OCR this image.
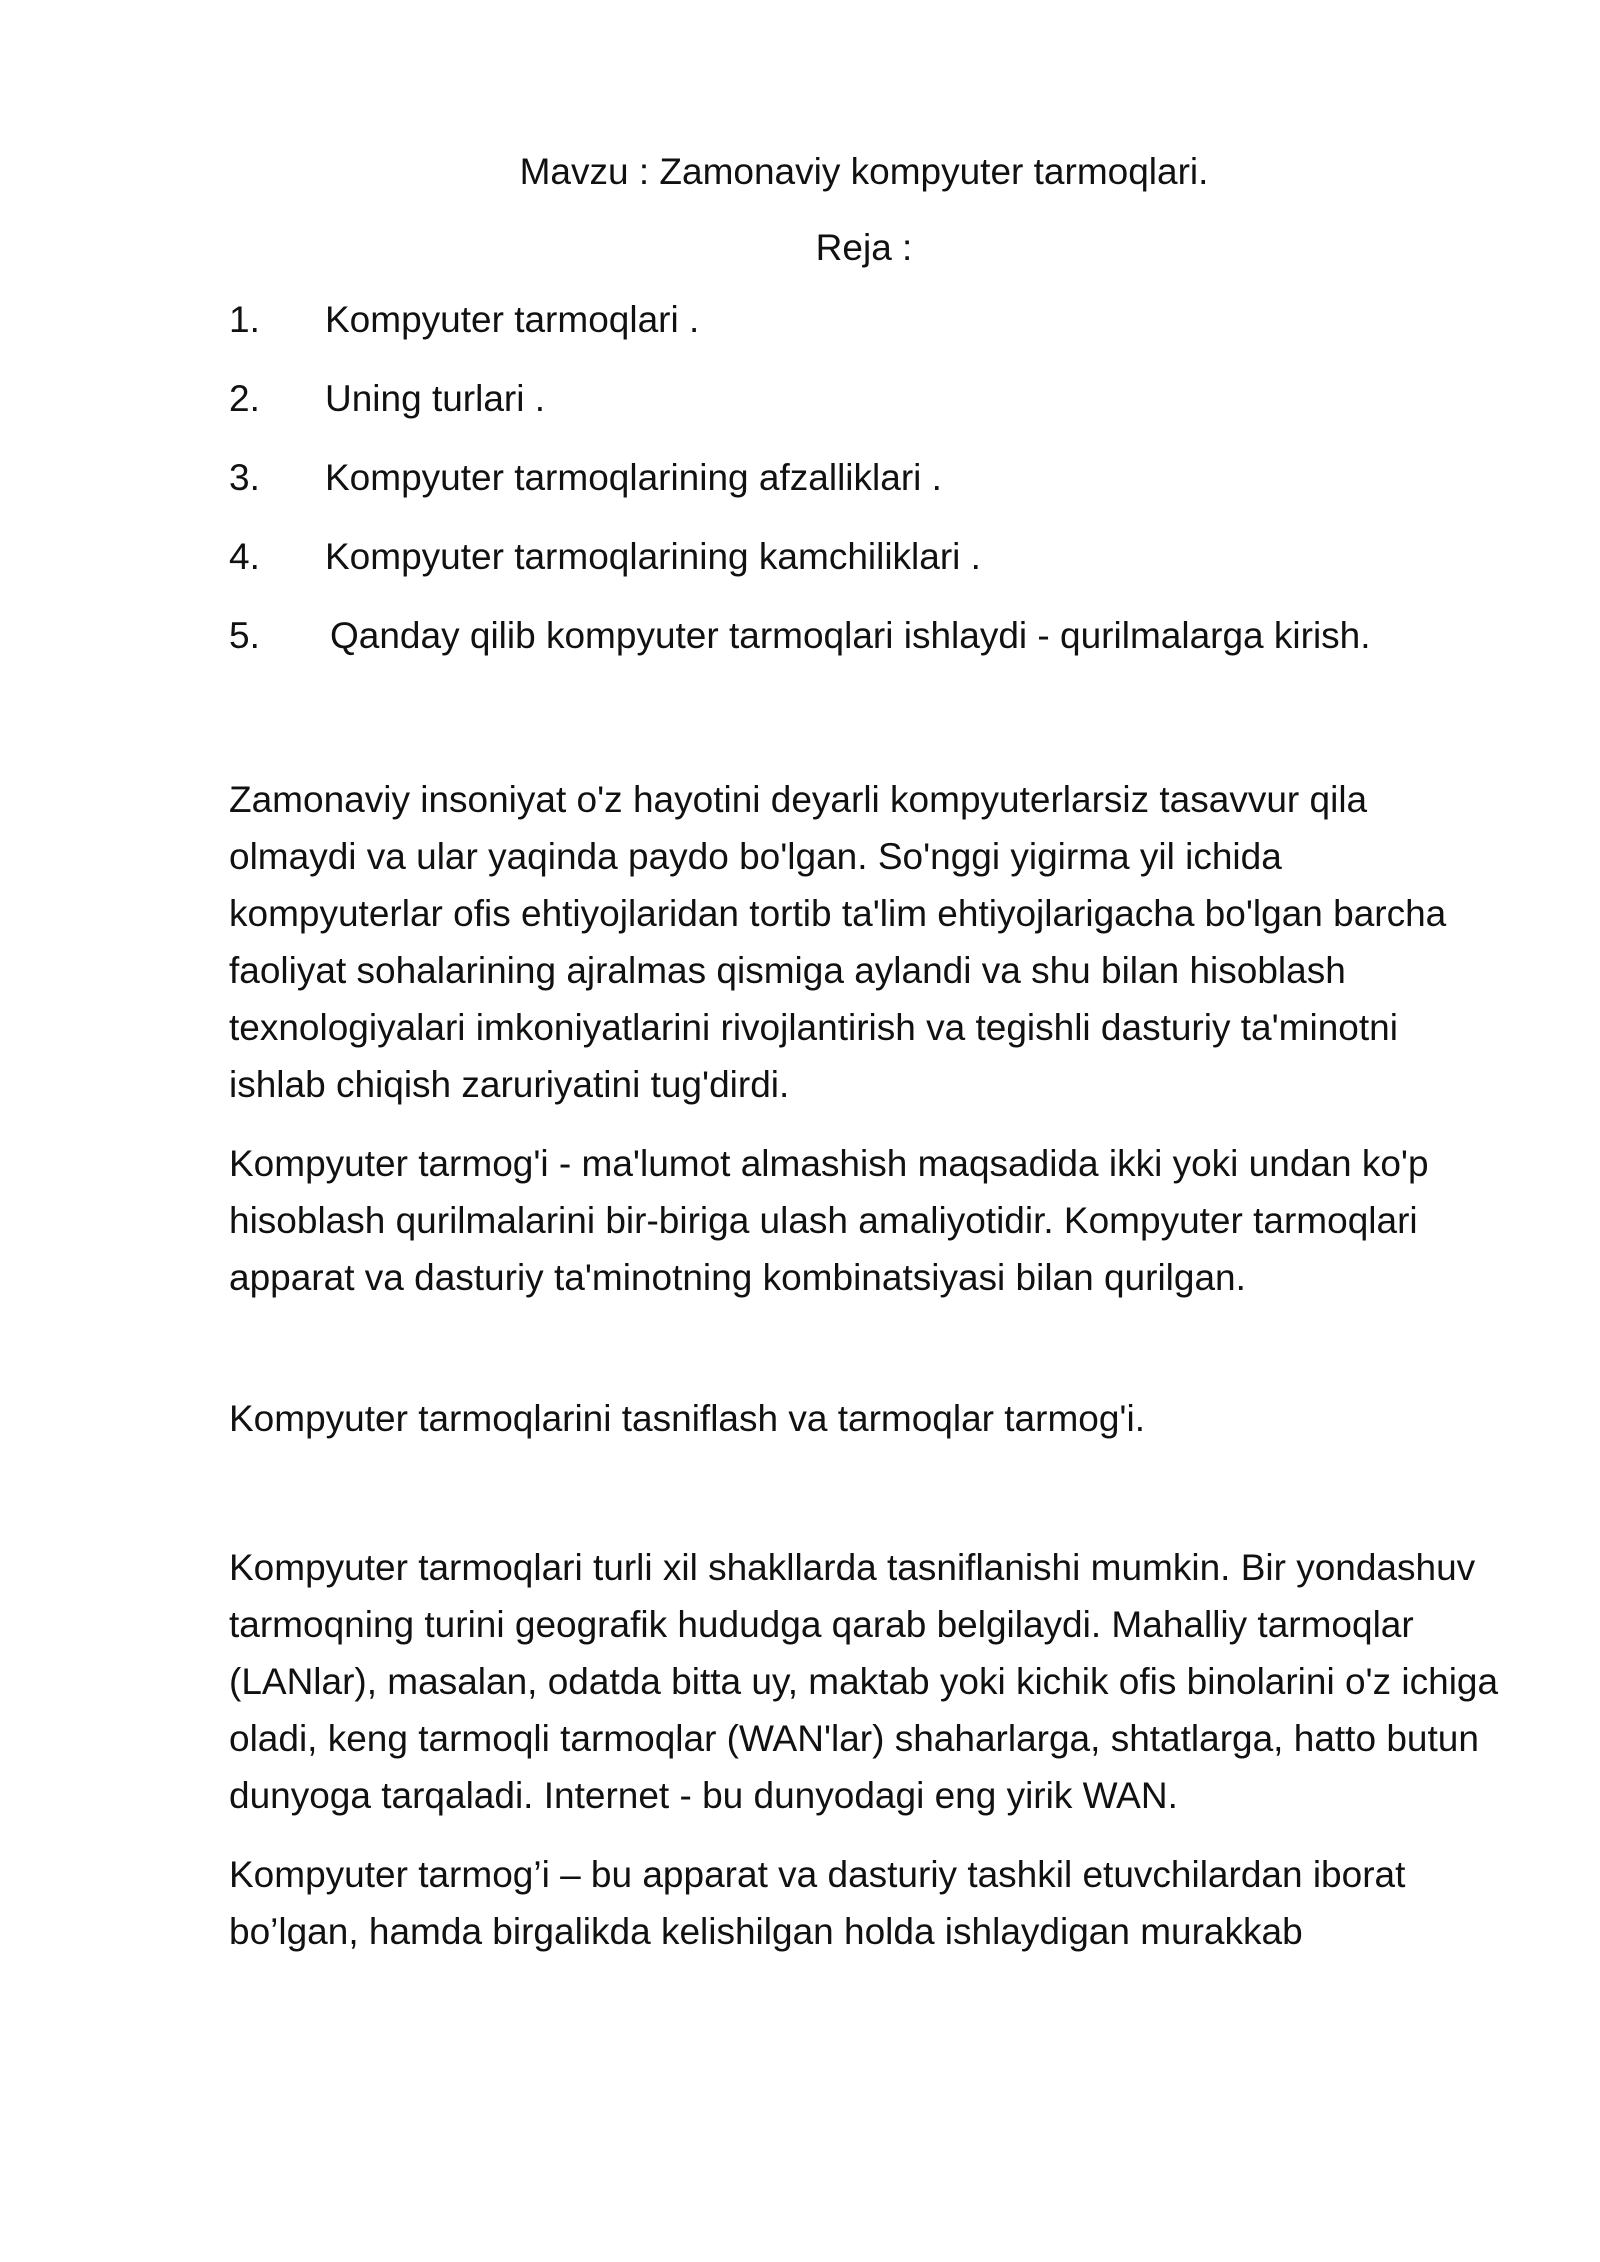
Mavzu : Zamonaviy kompyuter tarmoqlari.
Reja :
1.	Kompyuter tarmoqlari .
2.	Uning turlari .
3.	Kompyuter tarmoqlarining afzalliklari .
4.	Kompyuter tarmoqlarining kamchiliklari .
5.	Qanday qilib kompyuter tarmoqlari ishlaydi - qurilmalarga kirish.

Zamonaviy insoniyat o'z hayotini deyarli kompyuterlarsiz tasavvur qila olmaydi va ular yaqinda paydo bo'lgan. So'nggi yigirma yil ichida kompyuterlar ofis ehtiyojlaridan tortib ta'lim ehtiyojlarigacha bo'lgan barcha faoliyat sohalarining ajralmas qismiga aylandi va shu bilan hisoblash texnologiyalari imkoniyatlarini rivojlantirish va tegishli dasturiy ta'minotni ishlab chiqish zaruriyatini tug'dirdi.

Kompyuter tarmog'i - ma'lumot almashish maqsadida ikki yoki undan ko'p hisoblash qurilmalarini bir-biriga ulash amaliyotidir. Kompyuter tarmoqlari apparat va dasturiy ta'minotning kombinatsiyasi bilan qurilgan.

Kompyuter tarmoqlarini tasniflash va tarmoqlar tarmog'i.

Kompyuter tarmoqlari turli xil shakllarda tasniflanishi mumkin. Bir yondashuv tarmoqning turini geografik hududga qarab belgilaydi. Mahalliy tarmoqlar (LANlar), masalan, odatda bitta uy, maktab yoki kichik ofis binolarini o'z ichiga oladi, keng tarmoqli tarmoqlar (WAN'lar) shaharlarga, shtatlarga, hatto butun dunyoga tarqaladi. Internet - bu dunyodagi eng yirik WAN.

Kompyuter tarmog’i – bu apparat va dasturiy tashkil etuvchilardan iborat bo’lgan, hamda birgalikda kelishilgan holda ishlaydigan murakkab
